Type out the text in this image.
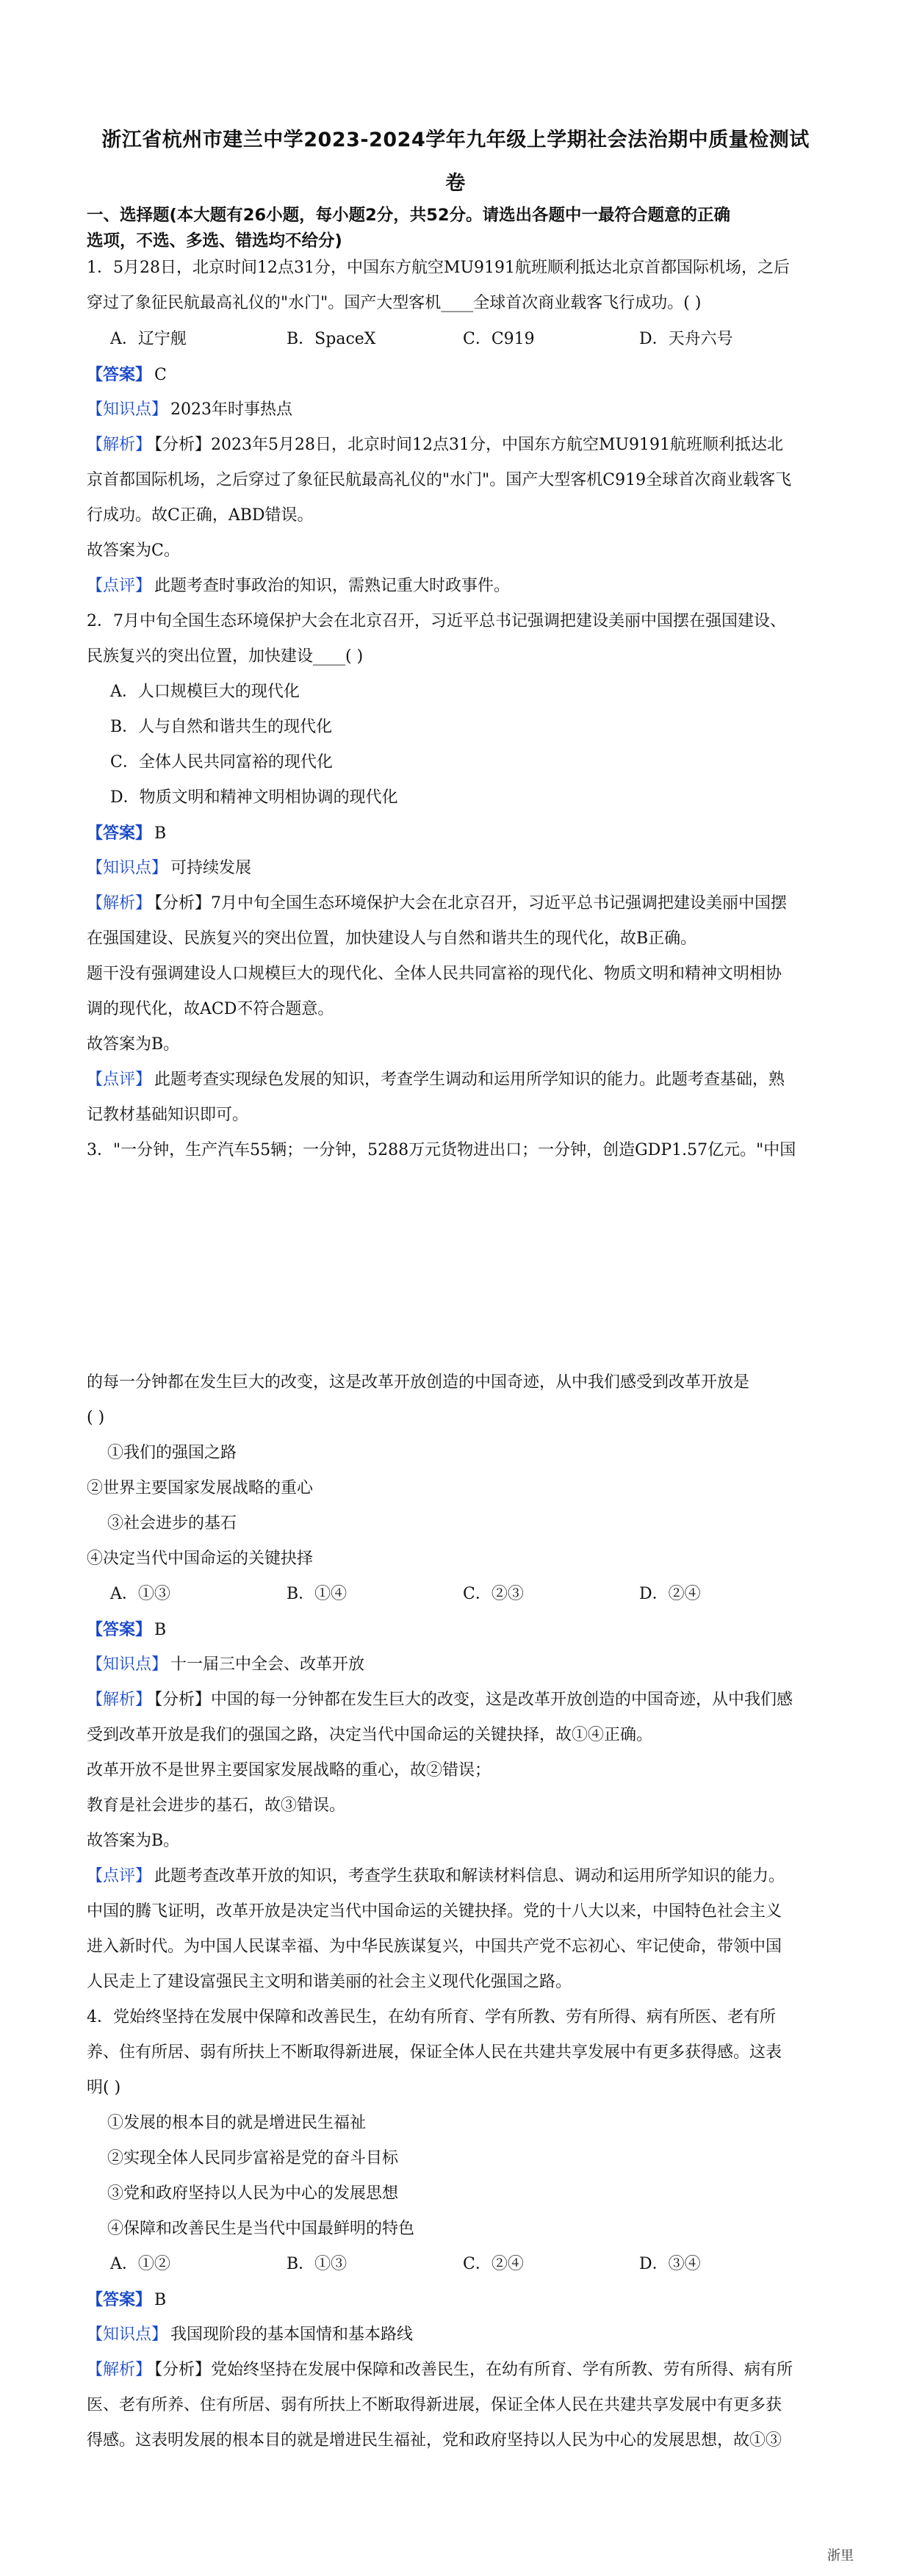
浙江省杭州市建兰中学2023-2024学年九年级上学期社会法治期中质量检测试
卷
一、选择题(本大题有26小题，每小题2分，共52分。请选出各题中一最符合题意的正确
选项，不选、多选、错选均不给分)
1．5月28日，北京时间12点31分，中国东方航空MU9191航班顺利抵达北京首都国际机场，之后
穿过了象征民航最高礼仪的"水门"。国产大型客机____全球首次商业载客飞行成功。( )
A．辽宁舰	B．SpaceX	C．C919	D．天舟六号
【答案】 C
【知识点】 2023年时事热点
【解析】 【分析】2023年5月28日，北京时间12点31分，中国东方航空MU9191航班顺利抵达北
京首都国际机场，之后穿过了象征民航最高礼仪的"水门"。国产大型客机C919全球首次商业载客飞
行成功。故C正确，ABD错误。
故答案为C。
【点评】 此题考查时事政治的知识，需熟记重大时政事件。
2．7月中旬全国生态环境保护大会在北京召开，习近平总书记强调把建设美丽中国摆在强国建设、
民族复兴的突出位置，加快建设____( )
A．人口规模巨大的现代化
B．人与自然和谐共生的现代化
C．全体人民共同富裕的现代化
D．物质文明和精神文明相协调的现代化
【答案】 B
【知识点】 可持续发展
【解析】 【分析】7月中旬全国生态环境保护大会在北京召开，习近平总书记强调把建设美丽中国摆
在强国建设、民族复兴的突出位置，加快建设人与自然和谐共生的现代化，故B正确。
题干没有强调建设人口规模巨大的现代化、全体人民共同富裕的现代化、物质文明和精神文明相协
调的现代化，故ACD不符合题意。
故答案为B。
【点评】 此题考查实现绿色发展的知识，考查学生调动和运用所学知识的能力。此题考查基础，熟
记教材基础知识即可。
3．"一分钟，生产汽车55辆；一分钟，5288万元货物进出口；一分钟，创造GDP1.57亿元。"中国
的每一分钟都在发生巨大的改变，这是改革开放创造的中国奇迹，从中我们感受到改革开放是
( )
①我们的强国之路
②世界主要国家发展战略的重心
③社会进步的基石
④决定当代中国命运的关键抉择
A．①③	B．①④	C．②③	D．②④
【答案】 B
【知识点】 十一届三中全会、改革开放
【解析】 【分析】中国的每一分钟都在发生巨大的改变，这是改革开放创造的中国奇迹，从中我们感
受到改革开放是我们的强国之路，决定当代中国命运的关键抉择，故①④正确。
改革开放不是世界主要国家发展战略的重心，故②错误；
教育是社会进步的基石，故③错误。
故答案为B。
【点评】 此题考查改革开放的知识，考查学生获取和解读材料信息、调动和运用所学知识的能力。
中国的腾飞证明，改革开放是决定当代中国命运的关键抉择。党的十八大以来，中国特色社会主义
进入新时代。为中国人民谋幸福、为中华民族谋复兴，中国共产党不忘初心、牢记使命，带领中国
人民走上了建设富强民主文明和谐美丽的社会主义现代化强国之路。
4．党始终坚持在发展中保障和改善民生，在幼有所育、学有所教、劳有所得、病有所医、老有所
养、住有所居、弱有所扶上不断取得新进展，保证全体人民在共建共享发展中有更多获得感。这表
明( )
①发展的根本目的就是增进民生福祉
②实现全体人民同步富裕是党的奋斗目标
③党和政府坚持以人民为中心的发展思想
④保障和改善民生是当代中国最鲜明的特色
A．①②	B．①③	C．②④	D．③④
【答案】 B
【知识点】 我国现阶段的基本国情和基本路线
【解析】 【分析】党始终坚持在发展中保障和改善民生，在幼有所育、学有所教、劳有所得、病有所
医、老有所养、住有所居、弱有所扶上不断取得新进展，保证全体人民在共建共享发展中有更多获
得感。这表明发展的根本目的就是增进民生福祉，党和政府坚持以人民为中心的发展思想，故①③
浙里
